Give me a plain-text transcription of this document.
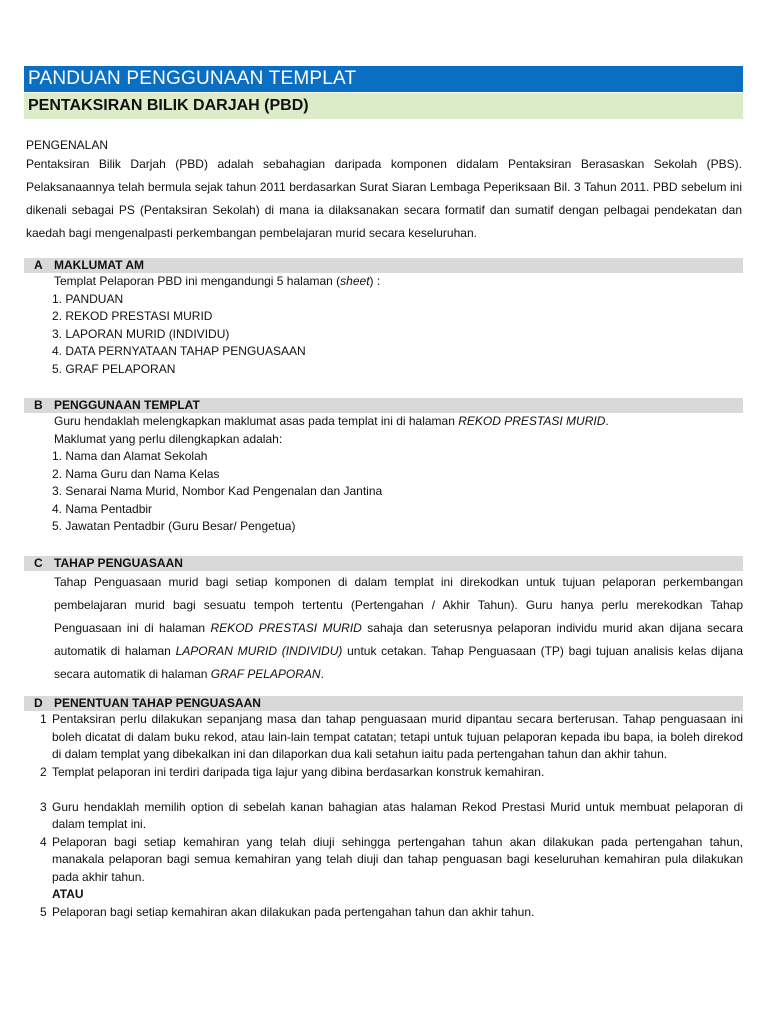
PANDUAN PENGGUNAAN TEMPLAT
PENTAKSIRAN BILIK DARJAH (PBD)
PENGENALAN

Pentaksiran Bilik Darjah (PBD) adalah sebahagian daripada komponen didalam Pentaksiran Berasaskan Sekolah (PBS). Pelaksanaannya telah bermula sejak tahun 2011 berdasarkan Surat Siaran Lembaga Peperiksaan Bil. 3 Tahun 2011. PBD sebelum ini dikenali sebagai PS (Pentaksiran Sekolah) di mana ia dilaksanakan secara formatif dan sumatif dengan pelbagai pendekatan dan kaedah bagi mengenalpasti perkembangan pembelajaran murid secara keseluruhan.

A MAKLUMAT AM
Templat Pelaporan PBD ini mengandungi 5 halaman (sheet) :
1. PANDUAN
2. REKOD PRESTASI MURID
3. LAPORAN MURID (INDIVIDU)
4. DATA PERNYATAAN TAHAP PENGUASAAN
5. GRAF PELAPORAN
B PENGGUNAAN TEMPLAT
Guru hendaklah melengkapkan maklumat asas pada templat ini di halaman REKOD PRESTASI MURID.
Maklumat yang perlu dilengkapkan adalah:
1. Nama dan Alamat Sekolah
2. Nama Guru dan Nama Kelas
3. Senarai Nama Murid, Nombor Kad Pengenalan dan Jantina
4. Nama Pentadbir
5. Jawatan Pentadbir (Guru Besar/ Pengetua)
C TAHAP PENGUASAAN

Tahap Penguasaan murid bagi setiap komponen di dalam templat ini direkodkan untuk tujuan pelaporan perkembangan pembelajaran murid bagi sesuatu tempoh tertentu (Pertengahan / Akhir Tahun). Guru hanya perlu merekodkan Tahap Penguasaan ini di halaman REKOD PRESTASI MURID sahaja dan seterusnya pelaporan individu murid akan dijana secara automatik di halaman LAPORAN MURID (INDIVIDU) untuk cetakan. Tahap Penguasaan (TP) bagi tujuan analisis kelas dijana secara automatik di halaman GRAF PELAPORAN.

D PENENTUAN TAHAP PENGUASAAN
1 Pentaksiran perlu dilakukan sepanjang masa dan tahap penguasaan murid dipantau secara berterusan. Tahap penguasaan ini boleh dicatat di dalam buku rekod, atau lain-lain tempat catatan; tetapi untuk tujuan pelaporan kepada ibu bapa, ia boleh direkod di dalam templat yang dibekalkan ini dan dilaporkan dua kali setahun iaitu pada pertengahan tahun dan akhir tahun.
2 Templat pelaporan ini terdiri daripada tiga lajur yang dibina berdasarkan konstruk kemahiran.
3 Guru hendaklah memilih option di sebelah kanan bahagian atas halaman Rekod Prestasi Murid untuk membuat pelaporan di dalam templat ini.
4 Pelaporan bagi setiap kemahiran yang telah diuji sehingga pertengahan tahun akan dilakukan pada pertengahan tahun, manakala pelaporan bagi semua kemahiran yang telah diuji dan tahap penguasan bagi keseluruhan kemahiran pula dilakukan pada akhir tahun.
ATAU
5 Pelaporan bagi setiap kemahiran akan dilakukan pada pertengahan tahun dan akhir tahun.
